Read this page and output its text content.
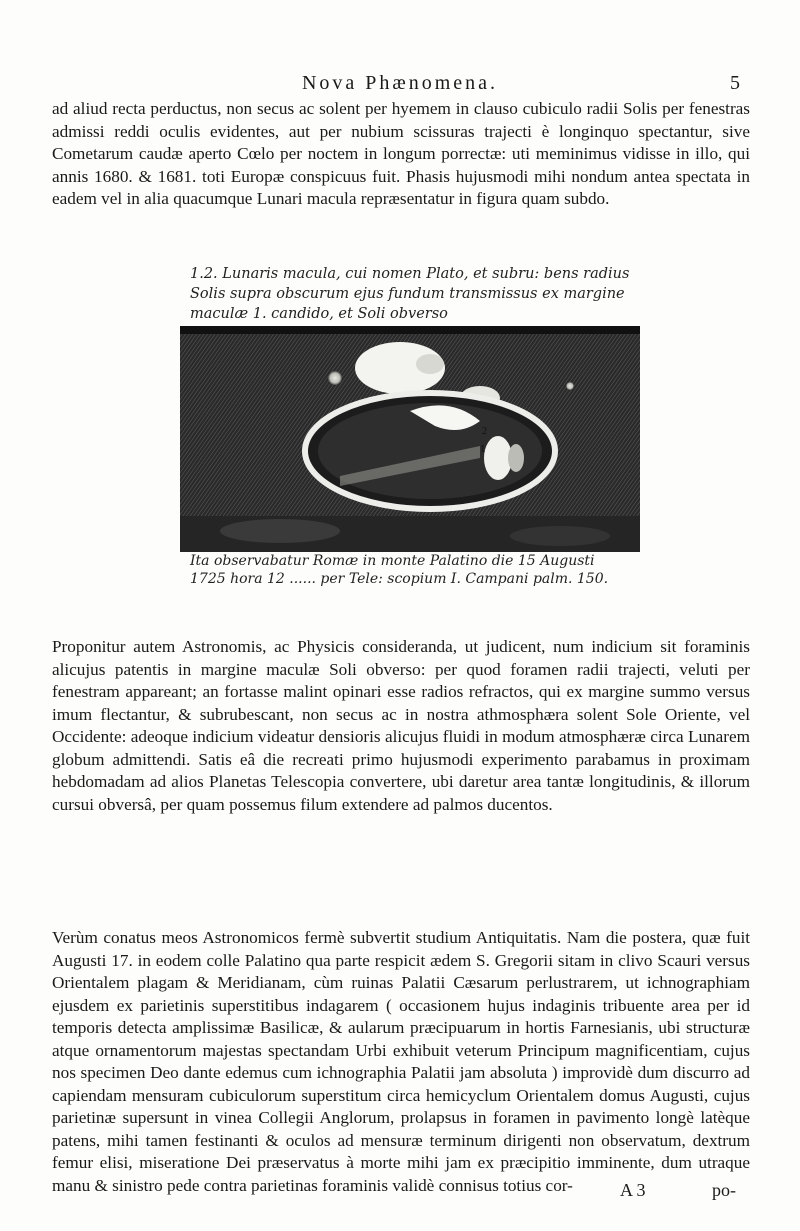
Nova Phænomena.	5

ad aliud recta perductus, non secus ac solent per hyemem in clauso cubiculo radii Solis per fenestras admissi reddi oculis evidentes, aut per nubium scissuras trajecti è longinquo spectantur, sive Cometarum caudæ aperto Cœlo per noctem in longum porrectæ: uti meminimus vidisse in illo, qui annis 1680. & 1681. toti Europæ conspicuus fuit. Phasis hujusmodi mihi nondum antea spectata in eadem vel in alia quacumque Lunari macula repræsentatur in figura quam subdo.

1.2. Lunaris macula, cui nomen Plato, et subru: bens radius Solis supra obscurum ejus fundum transmissus ex margine maculæ 1. candido, et Soli obverso
1
2
Ita observabatur Romæ in monte Palatino die 15 Augusti 1725 hora 12 ...... per Tele: scopium I. Campani palm. 150.

Proponitur autem Astronomis, ac Physicis consideranda, ut judicent, num indicium sit foraminis alicujus patentis in margine maculæ Soli obverso: per quod foramen radii trajecti, veluti per fenestram appareant; an fortasse malint opinari esse radios refractos, qui ex margine summo versus imum flectantur, & subrubescant, non secus ac in nostra athmosphæra solent Sole Oriente, vel Occidente: adeoque indicium videatur densioris alicujus fluidi in modum atmosphæræ circa Lunarem globum admittendi. Satis eâ die recreati primo hujusmodi experimento parabamus in proximam hebdomadam ad alios Planetas Telescopia convertere, ubi daretur area tantæ longitudinis, & illorum cursui obversâ, per quam possemus filum extendere ad palmos ducentos.

Verùm conatus meos Astronomicos fermè subvertit studium Antiquitatis. Nam die postera, quæ fuit Augusti 17. in eodem colle Palatino qua parte respicit ædem S. Gregorii sitam in clivo Scauri versus Orientalem plagam & Meridianam, cùm ruinas Palatii Cæsarum perlustrarem, ut ichnographiam ejusdem ex parietinis superstitibus indagarem ( occasionem hujus indaginis tribuente area per id temporis detecta amplissimæ Basilicæ, & aularum præcipuarum in hortis Farnesianis, ubi structuræ atque ornamentorum majestas spectandam Urbi exhibuit veterum Principum magnificentiam, cujus nos specimen Deo dante edemus cum ichnographia Palatii jam absoluta ) improvidè dum discurro ad capiendam mensuram cubiculorum superstitum circa hemicyclum Orientalem domus Augusti, cujus parietinæ supersunt in vinea Collegii Anglorum, prolapsus in foramen in pavimento longè latèque patens, mihi tamen festinanti & oculos ad mensuræ terminum dirigenti non observatum, dextrum femur elisi, miseratione Dei præservatus à morte mihi jam ex præcipitio imminente, dum utraque manu & sinistro pede contra parietinas foraminis validè connisus totius cor-	A 3	po-
